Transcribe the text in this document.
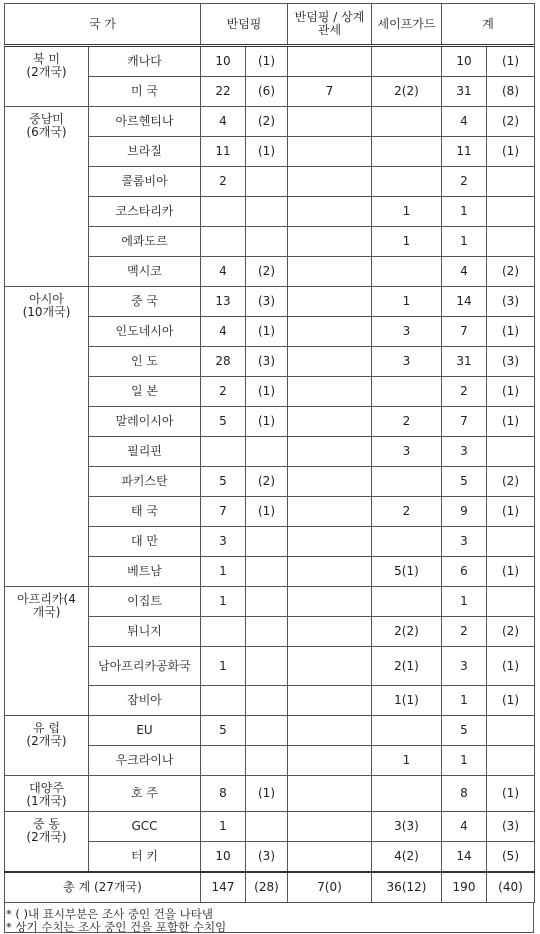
국 가		반덤핑		반덤핑 / 상계관세	세이프가드	계	
북 미
(2개국)	캐나다	10	(1)			10	(1)
	미 국	22	(6)	7	2(2)	31	(8)
중남미
(6개국)	아르헨티나	4	(2)			4	(2)
	브라질	11	(1)			11	(1)
	콜롬비아	2				2	
	코스타리카				1	1	
	에콰도르				1	1	
	멕시코	4	(2)			4	(2)
아시아
(10개국)	중 국	13	(3)		1	14	(3)
	인도네시아	4	(1)		3	7	(1)
	인 도	28	(3)		3	31	(3)
	일 본	2	(1)			2	(1)
	말레이시아	5	(1)		2	7	(1)
	필리핀				3	3	
	파키스탄	5	(2)			5	(2)
	태 국	7	(1)		2	9	(1)
	대 만	3				3	
	베트남	1			5(1)	6	(1)
아프리카(4
개국)	이집트	1				1	
	튀니지				2(2)	2	(2)
	남아프리카공화국	1			2(1)	3	(1)
	잠비아				1(1)	1	(1)
유 럽
(2개국)	EU	5				5	
	우크라이나				1	1	
대양주
(1개국)	호 주	8	(1)			8	(1)
중 동
(2개국)	GCC	1			3(3)	4	(3)
	터 키	10	(3)		4(2)	14	(5)
총 계 (27개국)		147	(28)	7(0)	36(12)	190	(40)
* ( )내 표시부분은 조사 중인 건을 나타냄
* 상기 수치는 조사 중인 건을 포함한 수치임
